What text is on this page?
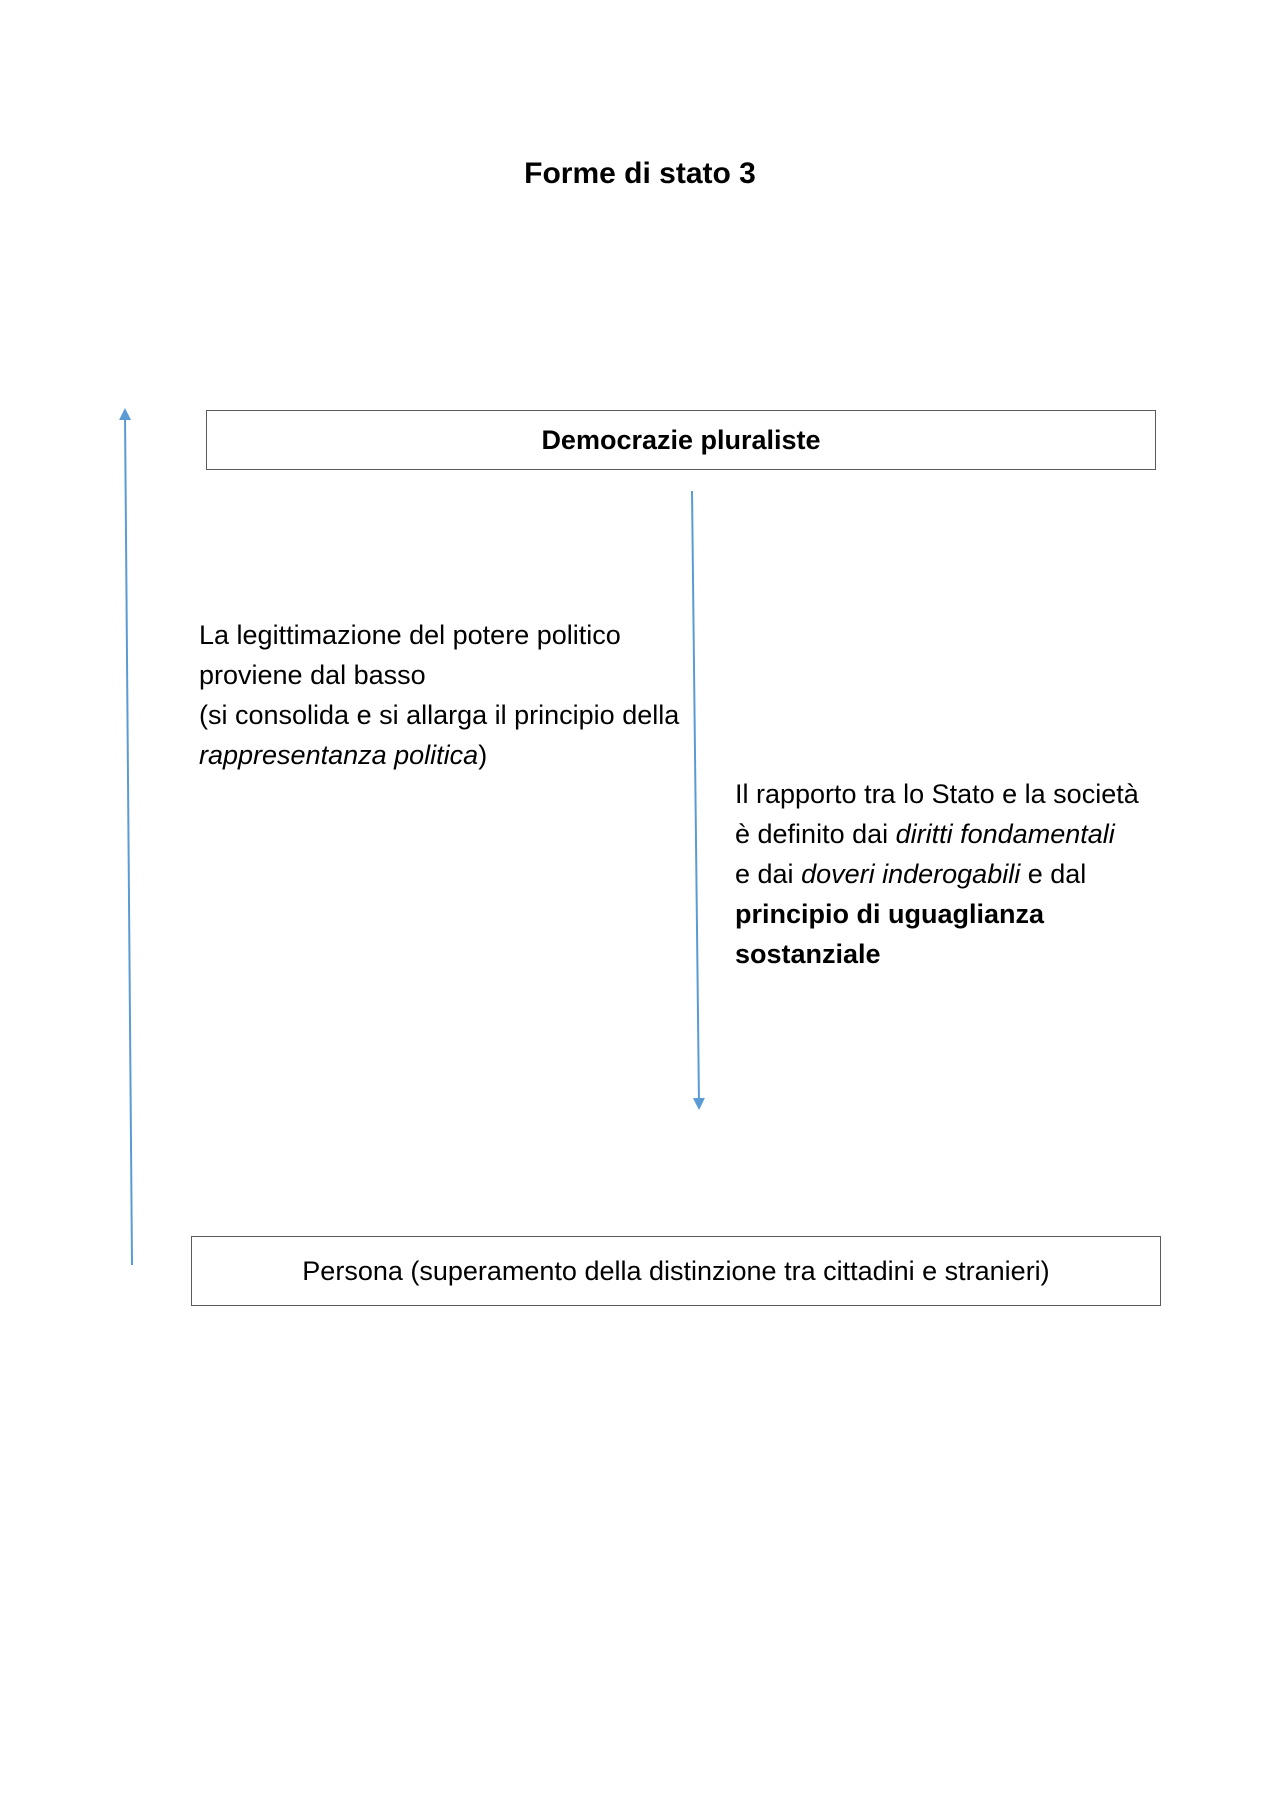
Forme di stato 3
Democrazie pluraliste
La legittimazione del potere politico
proviene dal basso
(si consolida e si allarga il principio della
rappresentanza politica)
Il rapporto tra lo Stato e la società
è definito dai diritti fondamentali
e dai doveri inderogabili e dal
principio di uguaglianza
sostanziale
Persona (superamento della distinzione tra cittadini e stranieri)
